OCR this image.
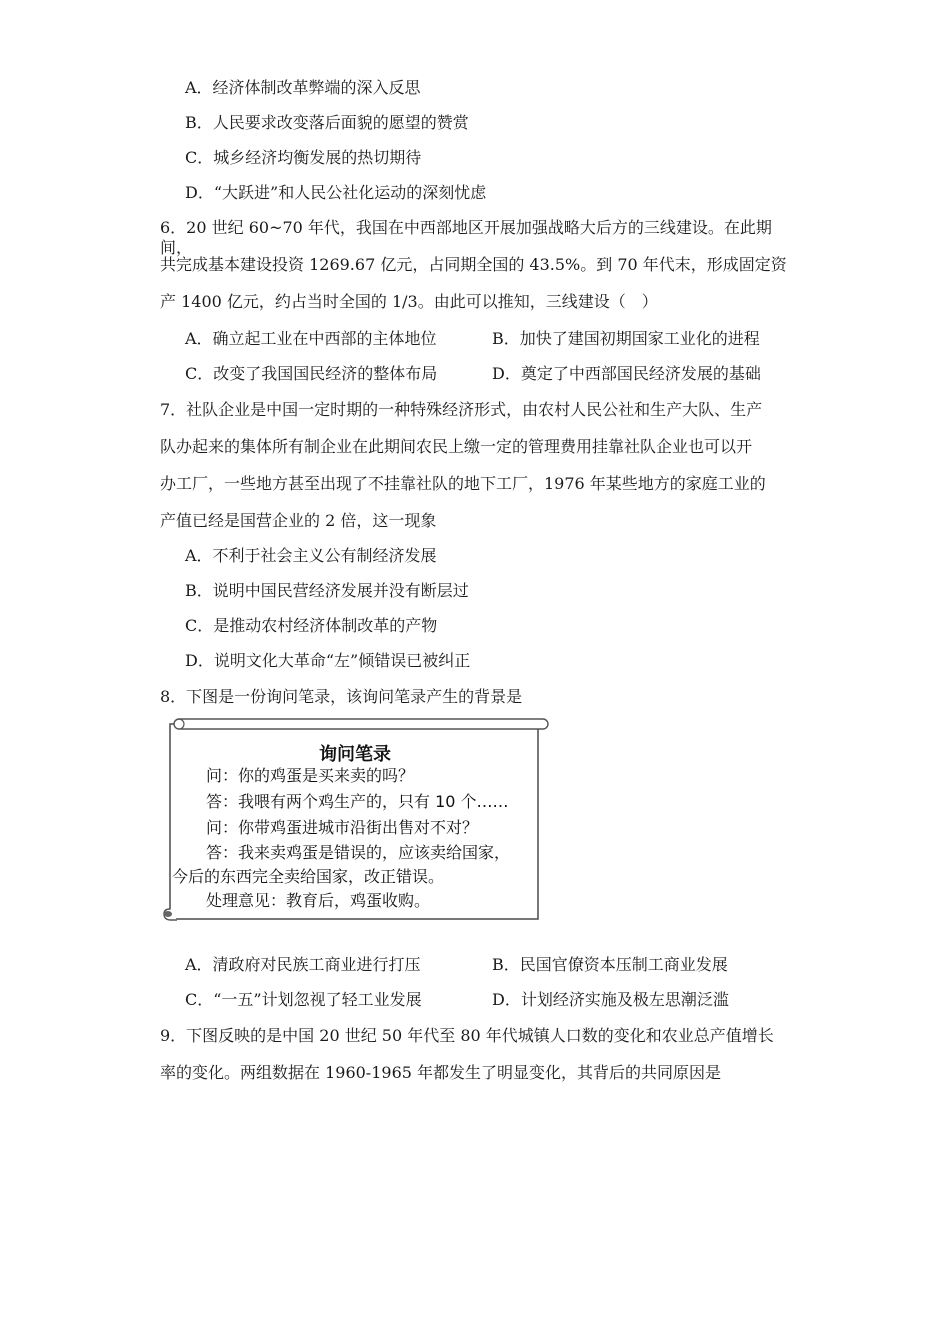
A．经济体制改革弊端的深入反思
B．人民要求改变落后面貌的愿望的赞赏
C．城乡经济均衡发展的热切期待
D．“大跃进”和人民公社化运动的深刻忧虑
6．20 世纪 60~70 年代，我国在中西部地区开展加强战略大后方的三线建设。在此期间，
共完成基本建设投资 1269.67 亿元，占同期全国的 43.5%。到 70 年代末，形成固定资
产 1400 亿元，约占当时全国的 1/3。由此可以推知，三线建设（　）
A．确立起工业在中西部的主体地位	B．加快了建国初期国家工业化的进程
C．改变了我国国民经济的整体布局	D．奠定了中西部国民经济发展的基础
7．社队企业是中国一定时期的一种特殊经济形式，由农村人民公社和生产大队、生产
队办起来的集体所有制企业在此期间农民上缴一定的管理费用挂靠社队企业也可以开
办工厂，一些地方甚至出现了不挂靠社队的地下工厂，1976 年某些地方的家庭工业的
产值已经是国营企业的 2 倍，这一现象
A．不利于社会主义公有制经济发展
B．说明中国民营经济发展并没有断层过
C．是推动农村经济体制改革的产物
D．说明文化大革命“左”倾错误已被纠正
8．下图是一份询问笔录，该询问笔录产生的背景是
询问笔录
问：你的鸡蛋是买来卖的吗？
答：我喂有两个鸡生产的，只有 10 个……
问：你带鸡蛋进城市沿街出售对不对？
答：我来卖鸡蛋是错误的，应该卖给国家，
今后的东西完全卖给国家，改正错误。
处理意见：教育后，鸡蛋收购。
A．清政府对民族工商业进行打压	B．民国官僚资本压制工商业发展
C．“一五”计划忽视了轻工业发展	D．计划经济实施及极左思潮泛滥
9．下图反映的是中国 20 世纪 50 年代至 80 年代城镇人口数的变化和农业总产值增长
率的变化。两组数据在 1960-1965 年都发生了明显变化，其背后的共同原因是
